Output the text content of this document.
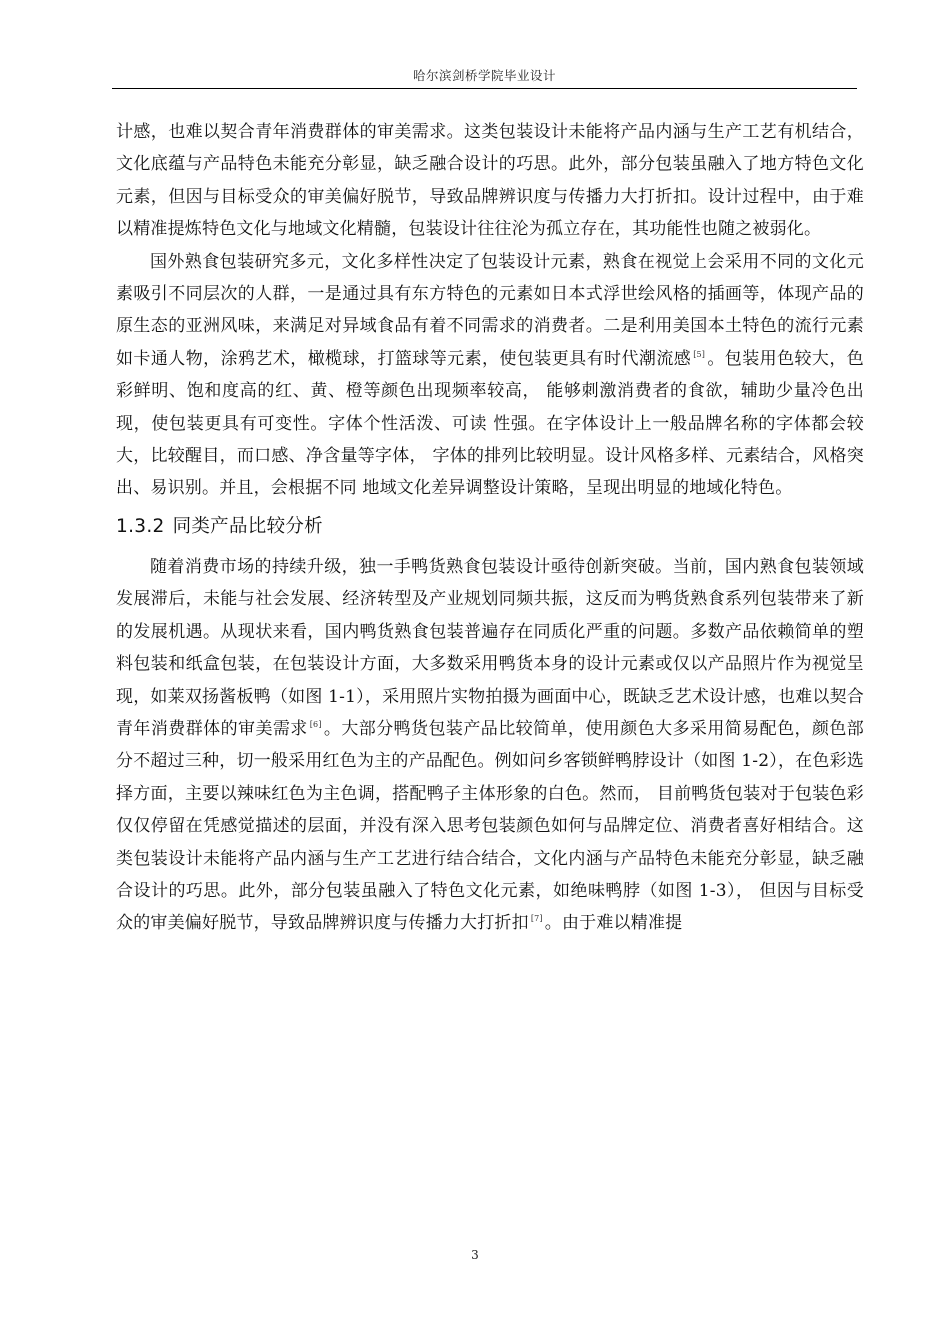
哈尔滨剑桥学院毕业设计

计感，也难以契合青年消费群体的审美需求。这类包装设计未能将产品内涵与生产工艺有机结合，文化底蕴与产品特色未能充分彰显，缺乏融合设计的巧思。此外，部分包装虽融入了地方特色文化元素，但因与目标受众的审美偏好脱节，导致品牌辨识度与传播力大打折扣。设计过程中，由于难以精准提炼特色文化与地域文化精髓，包装设计往往沦为孤立存在，其功能性也随之被弱化。

国外熟食包装研究多元，文化多样性决定了包装设计元素，熟食在视觉上会采用不同的文化元素吸引不同层次的人群，一是通过具有东方特色的元素如日本式浮世绘风格的插画等，体现产品的原生态的亚洲风味，来满足对异域食品有着不同需求的消费者。二是利用美国本土特色的流行元素如卡通人物，涂鸦艺术，橄榄球，打篮球等元素，使包装更具有时代潮流感 [5] 。包装用色较大，色彩鲜明、饱和度高的红、黄、橙等颜色出现频率较高， 能够刺激消费者的食欲，辅助少量冷色出现，使包装更具有可变性。字体个性活泼、可读 性强。在字体设计上一般品牌名称的字体都会较大，比较醒目，而口感、净含量等字体， 字体的排列比较明显。设计风格多样、元素结合，风格突出、易识别。并且，会根据不同 地域文化差异调整设计策略，呈现出明显的地域化特色。

1.3.2 同类产品比较分析

随着消费市场的持续升级，独一手鸭货熟食包装设计亟待创新突破。当前，国内熟食包装领域发展滞后，未能与社会发展、经济转型及产业规划同频共振，这反而为鸭货熟食系列包装带来了新的发展机遇。从现状来看，国内鸭货熟食包装普遍存在同质化严重的问题。多数产品依赖简单的塑料包装和纸盒包装，在包装设计方面，大多数采用鸭货本身的设计元素或仅以产品照片作为视觉呈现，如莱双扬酱板鸭（如图 1-1），采用照片实物拍摄为画面中心，既缺乏艺术设计感，也难以契合青年消费群体的审美需求 [6] 。大部分鸭货包装产品比较简单，使用颜色大多采用简易配色，颜色部分不超过三种，切一般采用红色为主的产品配色。例如问乡客锁鲜鸭脖设计（如图 1-2），在色彩选择方面，主要以辣味红色为主色调，搭配鸭子主体形象的白色。然而， 目前鸭货包装对于包装色彩仅仅停留在凭感觉描述的层面，并没有深入思考包装颜色如何与品牌定位、消费者喜好相结合。这类包装设计未能将产品内涵与生产工艺进行结合结合，文化内涵与产品特色未能充分彰显，缺乏融合设计的巧思。此外，部分包装虽融入了特色文化元素，如绝味鸭脖（如图 1-3）， 但因与目标受众的审美偏好脱节，导致品牌辨识度与传播力大打折扣 [7] 。由于难以精准提

3
